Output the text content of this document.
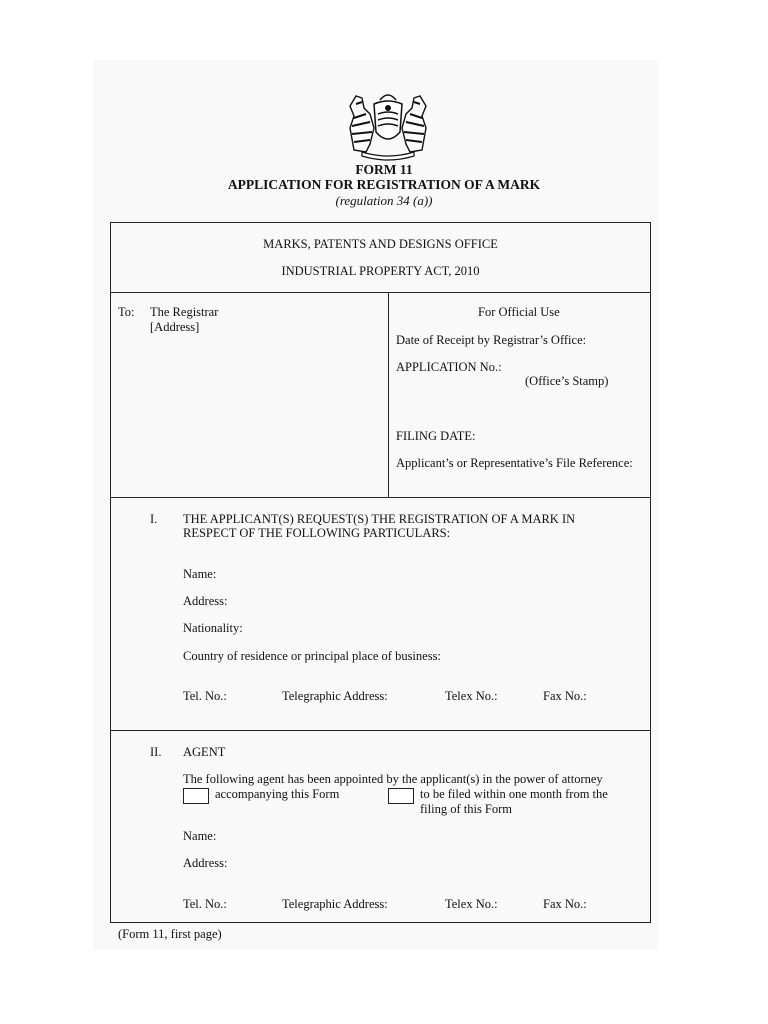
FORM 11
APPLICATION FOR REGISTRATION OF A MARK
(regulation 34 (a))
MARKS, PATENTS AND DESIGNS OFFICE
INDUSTRIAL PROPERTY ACT, 2010
To: The Registrar
[Address]
For Official Use
Date of Receipt by Registrar’s Office:
APPLICATION No.:
(Office’s Stamp)
FILING DATE:
Applicant’s or Representative’s File Reference:
I. THE APPLICANT(S) REQUEST(S) THE REGISTRATION OF A MARK IN
RESPECT OF THE FOLLOWING PARTICULARS:
Name:
Address:
Nationality:
Country of residence or principal place of business:
Tel. No.:	Telegraphic Address:	Telex No.:	Fax No.:
II. AGENT
The following agent has been appointed by the applicant(s) in the power of attorney
accompanying this Form	to be filed within one month from the
filing of this Form
Name:
Address:
Tel. No.:	Telegraphic Address:	Telex No.:	Fax No.:
(Form 11, first page)
